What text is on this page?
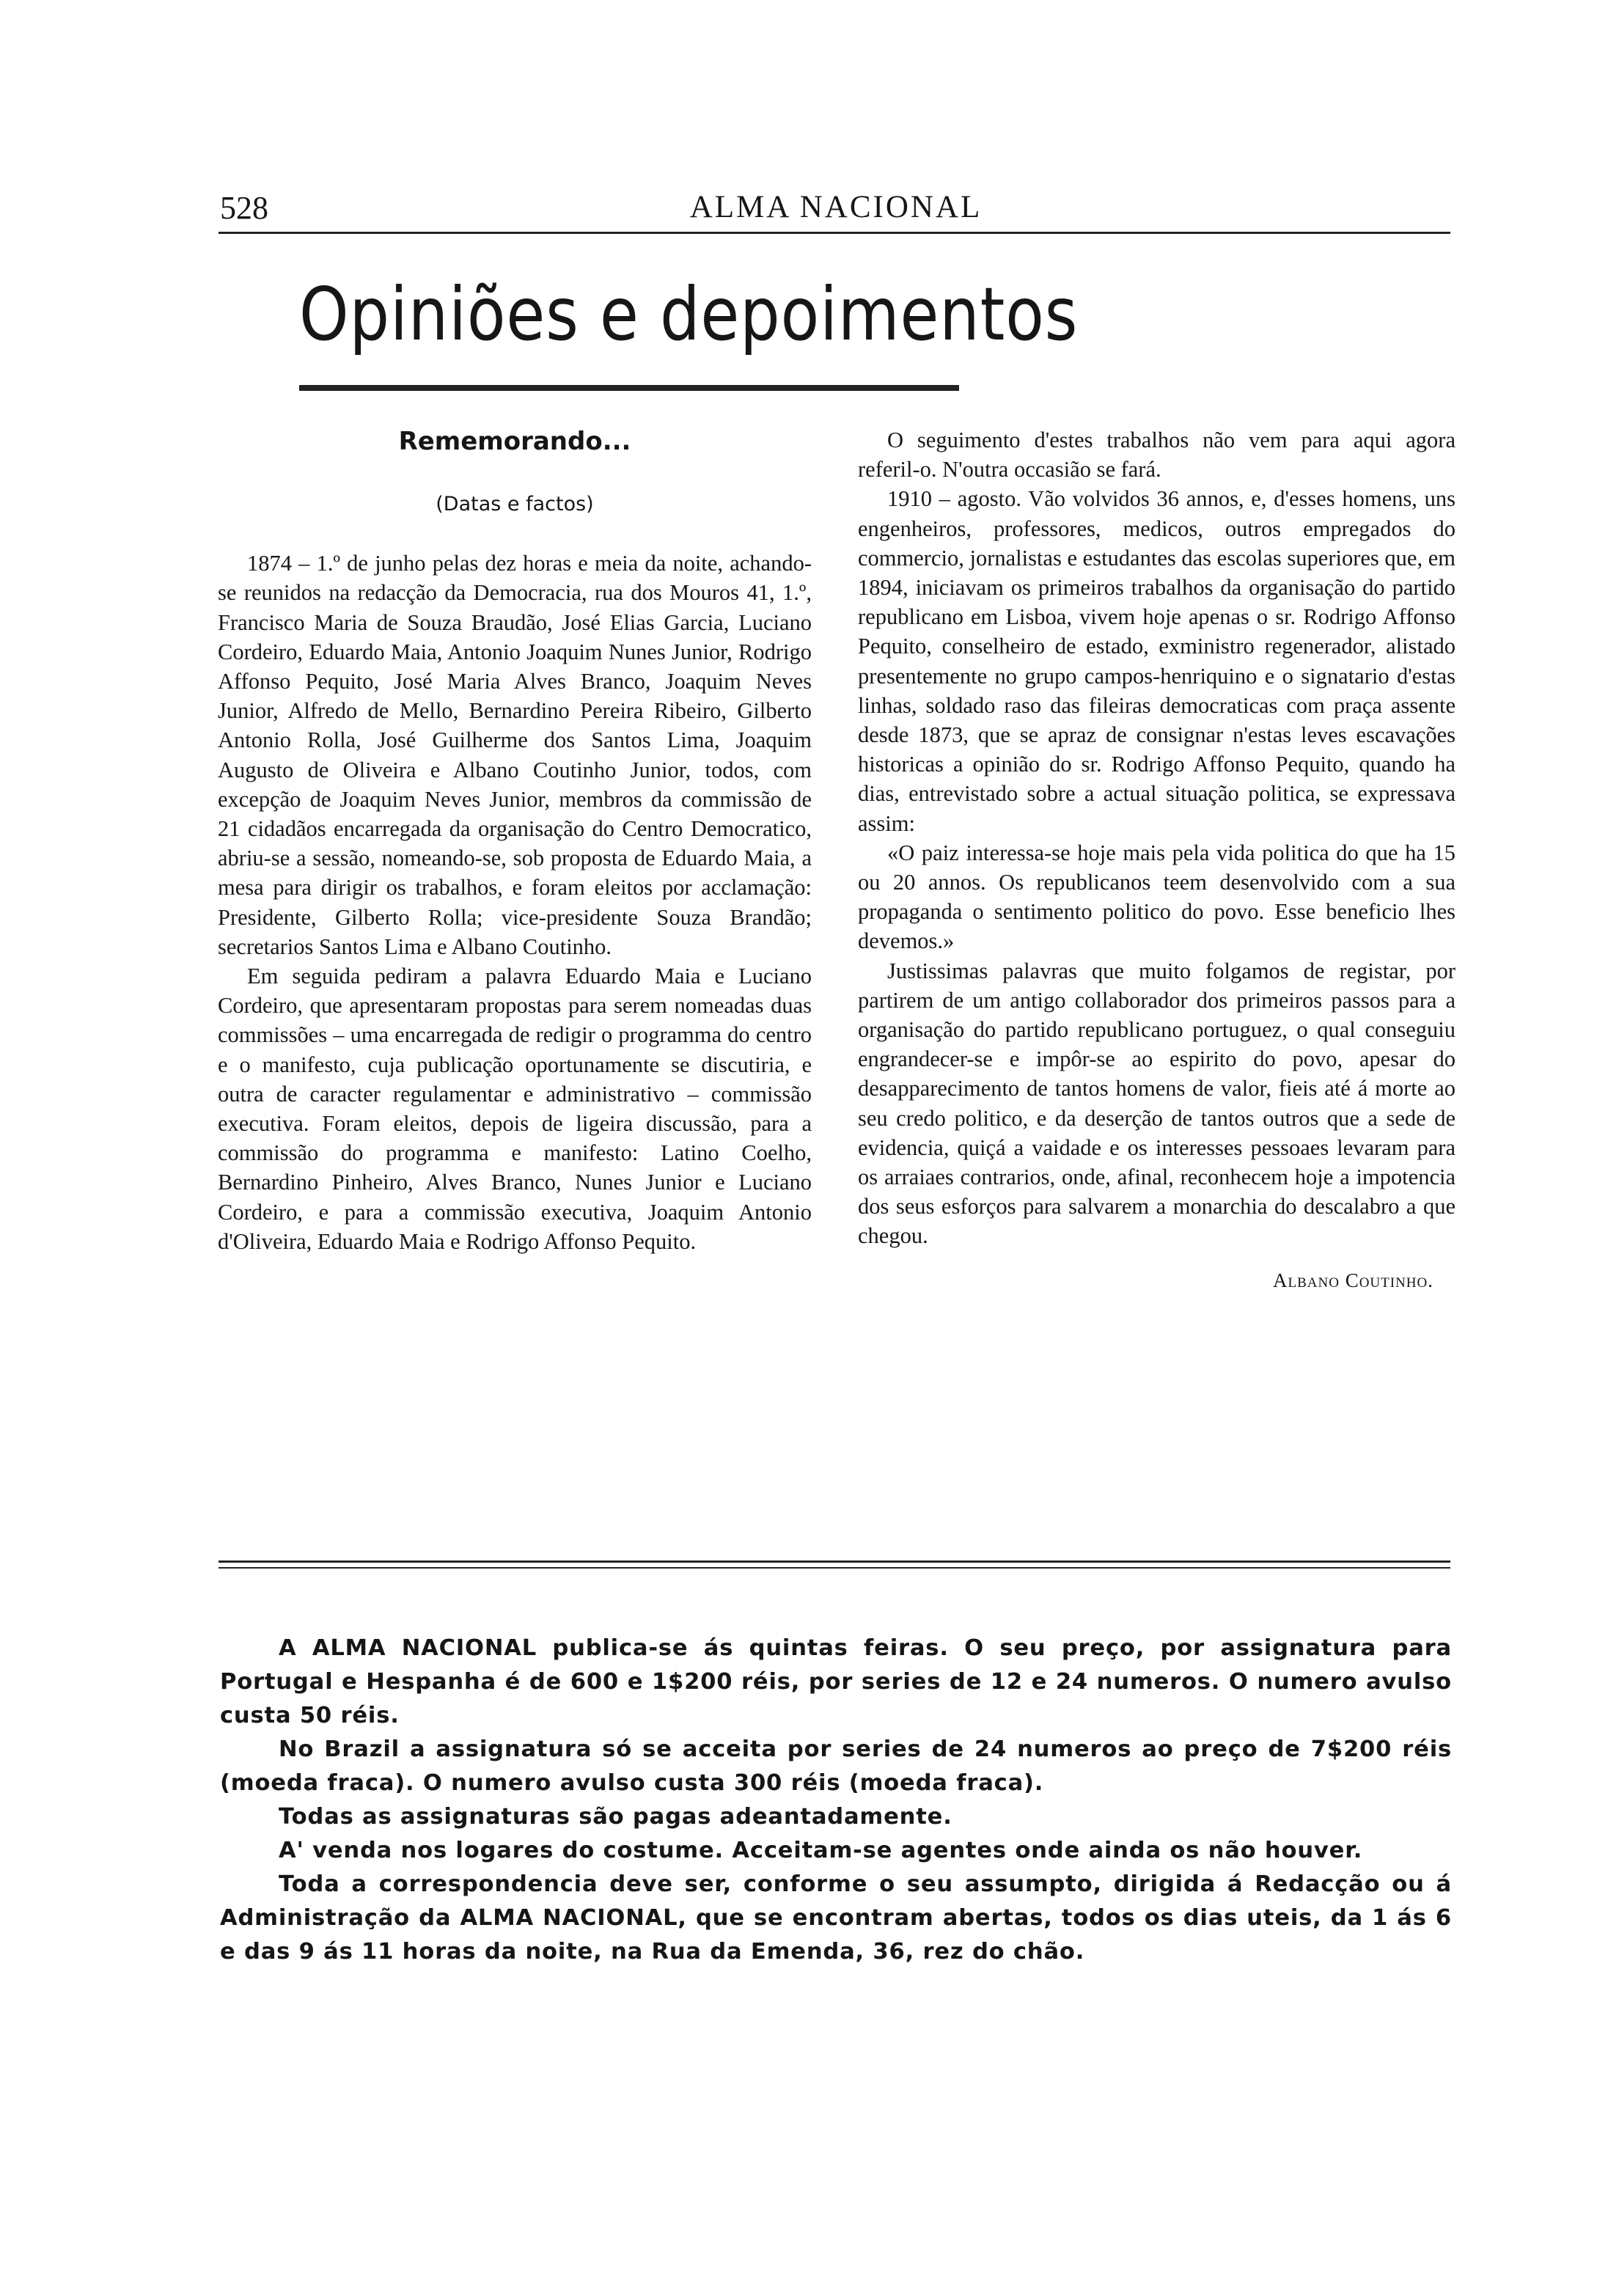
528	ALMA NACIONAL
Opiniões e depoimentos
Rememorando...
(Datas e factos)

1874 – 1.º de junho pelas dez horas e meia da noite, achando-se reunidos na redacção da Democracia, rua dos Mouros 41, 1.º, Francisco Maria de Souza Braudão, José Elias Garcia, Luciano Cordeiro, Eduardo Maia, Antonio Joaquim Nunes Junior, Rodrigo Affonso Pequito, José Maria Alves Branco, Joaquim Neves Junior, Alfredo de Mello, Bernardino Pereira Ribeiro, Gilberto Antonio Rolla, José Guilherme dos Santos Lima, Joaquim Augusto de Oliveira e Albano Coutinho Junior, todos, com excepção de Joaquim Neves Junior, membros da commissão de 21 cidadãos encarregada da organisação do Centro Democratico, abriu-se a sessão, nomeando-se, sob proposta de Eduardo Maia, a mesa para dirigir os trabalhos, e foram eleitos por acclamação: Presidente, Gilberto Rolla; vice-presidente Souza Brandão; secretarios Santos Lima e Albano Coutinho.

Em seguida pediram a palavra Eduardo Maia e Luciano Cordeiro, que apresentaram propostas para serem nomeadas duas commissões – uma encarregada de redigir o programma do centro e o manifesto, cuja publicação oportunamente se discutiria, e outra de caracter regulamentar e administrativo – commissão executiva. Foram eleitos, depois de ligeira discussão, para a commissão do programma e manifesto: Latino Coelho, Bernardino Pinheiro, Alves Branco, Nunes Junior e Luciano Cordeiro, e para a commissão executiva, Joaquim Antonio d'Oliveira, Eduardo Maia e Rodrigo Affonso Pequito.

O seguimento d'estes trabalhos não vem para aqui agora referil-o. N'outra occasião se fará.

1910 – agosto. Vão volvidos 36 annos, e, d'esses homens, uns engenheiros, professores, medicos, outros empregados do commercio, jornalistas e estudantes das escolas superiores que, em 1894, iniciavam os primeiros trabalhos da organisação do partido republicano em Lisboa, vivem hoje apenas o sr. Rodrigo Affonso Pequito, conselheiro de estado, exministro regenerador, alistado presentemente no grupo campos-henriquino e o signatario d'estas linhas, soldado raso das fileiras democraticas com praça assente desde 1873, que se apraz de consignar n'estas leves escavações historicas a opinião do sr. Rodrigo Affonso Pequito, quando ha dias, entrevistado sobre a actual situação politica, se expressava assim:

«O paiz interessa-se hoje mais pela vida politica do que ha 15 ou 20 annos. Os republicanos teem desenvolvido com a sua propaganda o sentimento politico do povo. Esse beneficio lhes devemos.»

Justissimas palavras que muito folgamos de registar, por partirem de um antigo collaborador dos primeiros passos para a organisação do partido republicano portuguez, o qual conseguiu engrandecer-se e impôr-se ao espirito do povo, apesar do desapparecimento de tantos homens de valor, fieis até á morte ao seu credo politico, e da deserção de tantos outros que a sede de evidencia, quiçá a vaidade e os interesses pessoaes levaram para os arraiaes contrarios, onde, afinal, reconhecem hoje a impotencia dos seus esforços para salvarem a monarchia do descalabro a que chegou.

Albano Coutinho.

A ALMA NACIONAL publica-se ás quintas feiras. O seu preço, por assignatura para Portugal e Hespanha é de 600 e 1$200 réis, por series de 12 e 24 numeros. O numero avulso custa 50 réis.

No Brazil a assignatura só se acceita por series de 24 numeros ao preço de 7$200 réis (moeda fraca). O numero avulso custa 300 réis (moeda fraca).

Todas as assignaturas são pagas adeantadamente.

A' venda nos logares do costume. Acceitam-se agentes onde ainda os não houver.

Toda a correspondencia deve ser, conforme o seu assumpto, dirigida á Redacção ou á Administração da ALMA NACIONAL, que se encontram abertas, todos os dias uteis, da 1 ás 6 e das 9 ás 11 horas da noite, na Rua da Emenda, 36, rez do chão.
